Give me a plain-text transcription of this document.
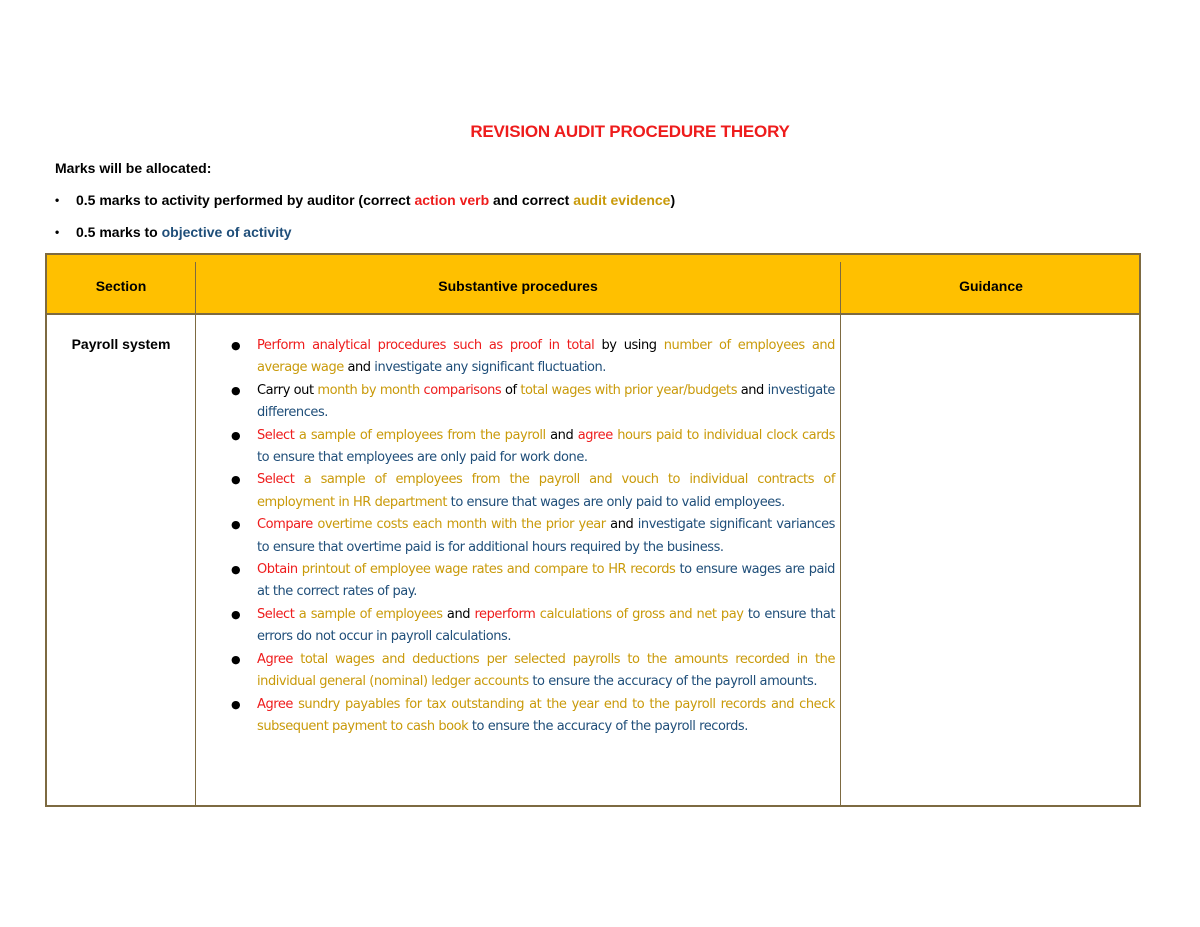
REVISION AUDIT PROCEDURE THEORY
Marks will be allocated:
• 0.5 marks to activity performed by auditor (correct action verb and correct audit evidence)
• 0.5 marks to objective of activity
Section	Substantive procedures	Guidance
Payroll system	● Perform analytical procedures such as proof in total by using number of employees and average wage and investigate any significant fluctuation.
● Carry out month by month comparisons of total wages with prior year/budgets and investigate differences.
● Select a sample of employees from the payroll and agree hours paid to individual clock cards to ensure that employees are only paid for work done.
● Select a sample of employees from the payroll and vouch to individual contracts of employment in HR department to ensure that wages are only paid to valid employees.
● Compare overtime costs each month with the prior year and investigate significant variances to ensure that overtime paid is for additional hours required by the business.
● Obtain printout of employee wage rates and compare to HR records to ensure wages are paid at the correct rates of pay.
● Select a sample of employees and reperform calculations of gross and net pay to ensure that errors do not occur in payroll calculations.
● Agree total wages and deductions per selected payrolls to the amounts recorded in the individual general (nominal) ledger accounts to ensure the accuracy of the payroll amounts.
● Agree sundry payables for tax outstanding at the year end to the payroll records and check subsequent payment to cash book to ensure the accuracy of the payroll records.
